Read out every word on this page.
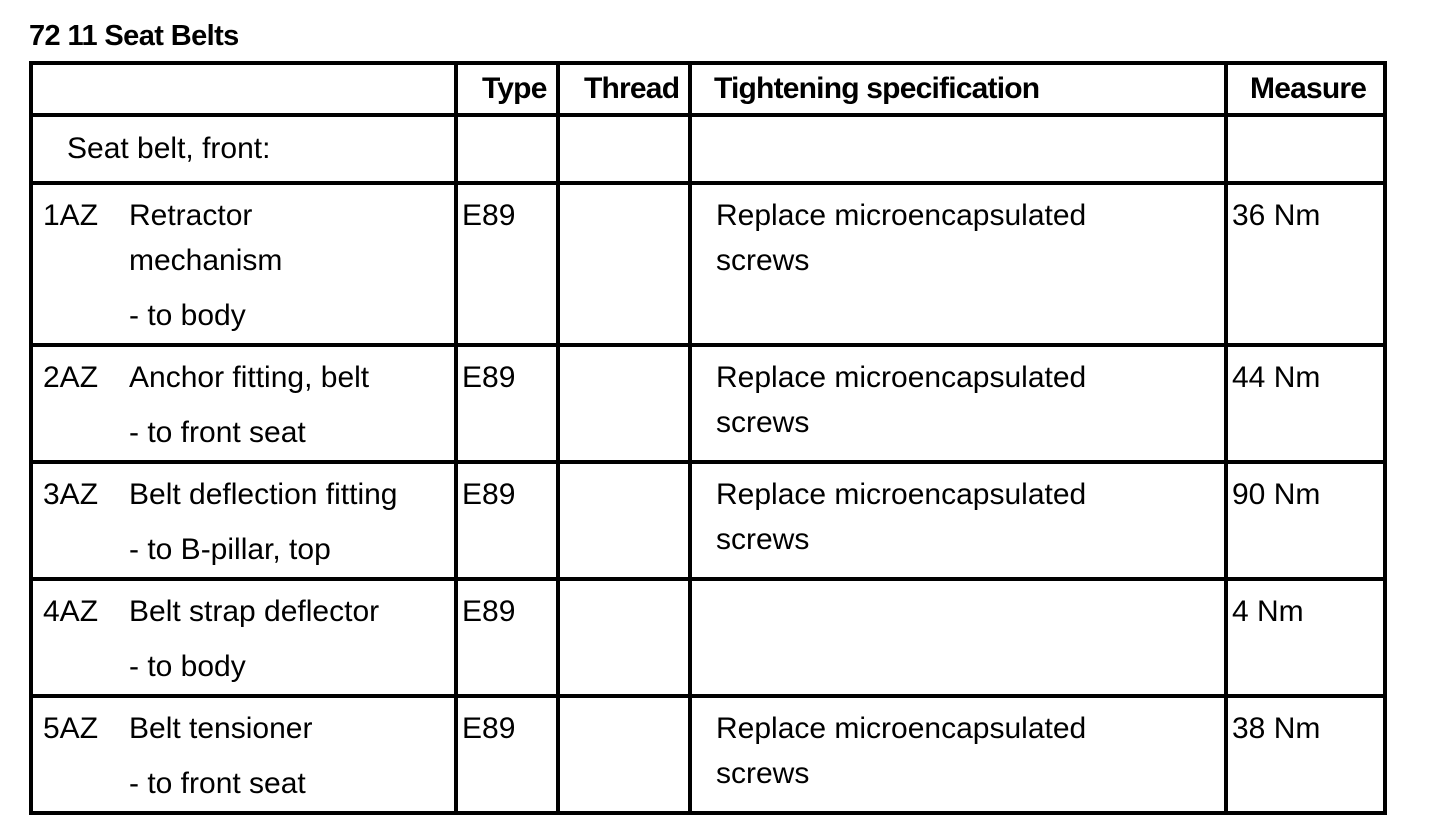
72 11 Seat Belts
	Type	Thread	Tightening specification	Measure
Seat belt, front:				

1AZ Retractor mechanism
- to body	E89		Replace microencapsulated screws	36 Nm

2AZ Anchor fitting, belt
- to front seat	E89		Replace microencapsulated screws	44 Nm

3AZ Belt deflection fitting
- to B-pillar, top	E89		Replace microencapsulated screws	90 Nm

4AZ Belt strap deflector
- to body	E89			4 Nm

5AZ Belt tensioner
- to front seat	E89		Replace microencapsulated screws	38 Nm
